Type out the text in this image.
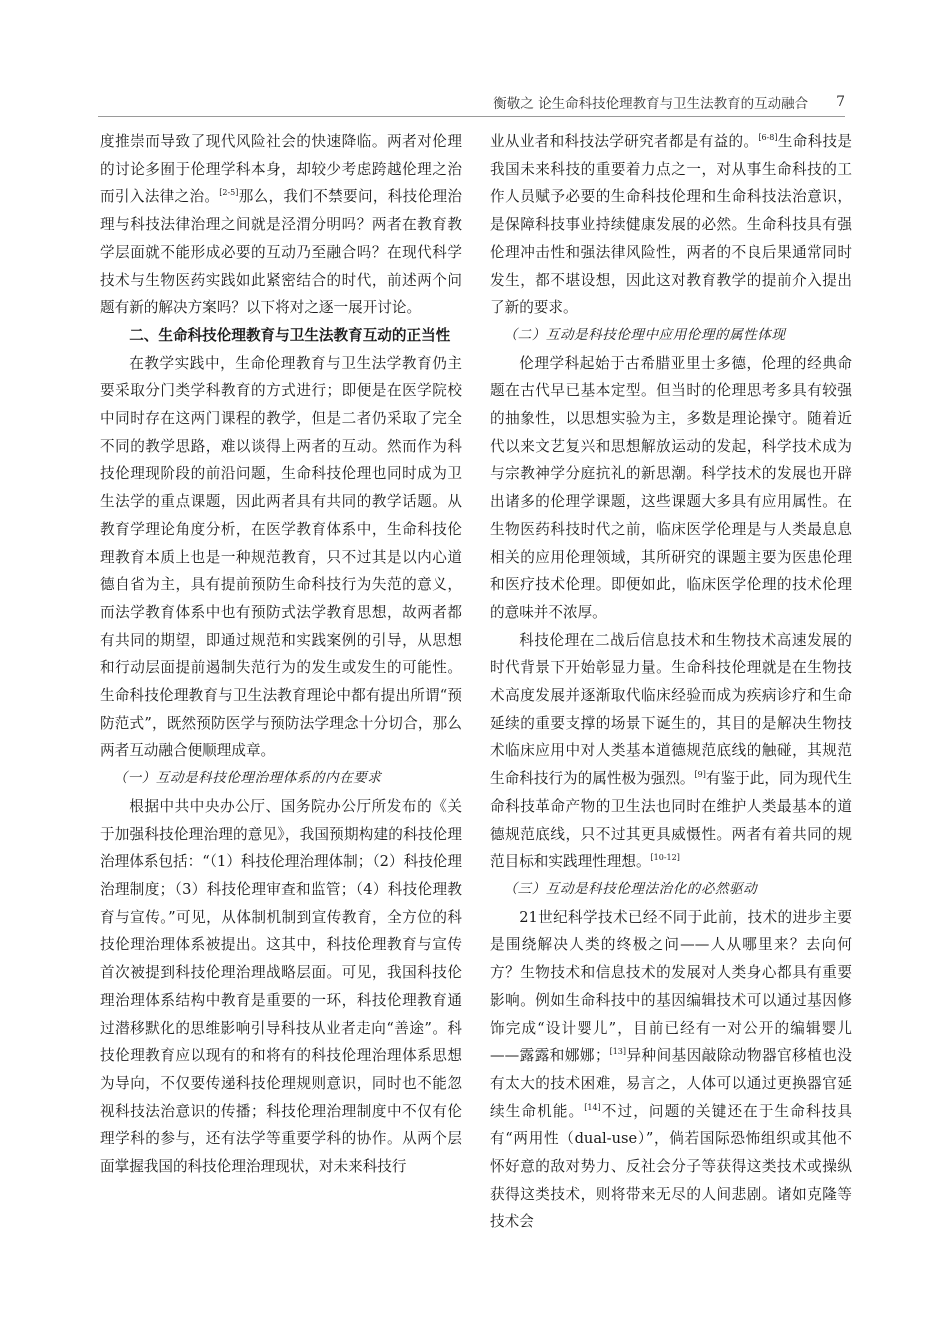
衡敬之 论生命科技伦理教育与卫生法教育的互动融合 7

度推崇而导致了现代风险社会的快速降临。两者对伦理的讨论多囿于伦理学科本身，却较少考虑跨越伦理之治而引入法律之治。[2-5]那么，我们不禁要问，科技伦理治理与科技法律治理之间就是泾渭分明吗？两者在教育教学层面就不能形成必要的互动乃至融合吗？在现代科学技术与生物医药实践如此紧密结合的时代，前述两个问题有新的解决方案吗？以下将对之逐一展开讨论。

二、生命科技伦理教育与卫生法教育互动的正当性

在教学实践中，生命伦理教育与卫生法学教育仍主要采取分门类学科教育的方式进行；即便是在医学院校中同时存在这两门课程的教学，但是二者仍采取了完全不同的教学思路，难以谈得上两者的互动。然而作为科技伦理现阶段的前沿问题，生命科技伦理也同时成为卫生法学的重点课题，因此两者具有共同的教学话题。从教育学理论角度分析，在医学教育体系中，生命科技伦理教育本质上也是一种规范教育，只不过其是以内心道德自省为主，具有提前预防生命科技行为失范的意义，而法学教育体系中也有预防式法学教育思想，故两者都有共同的期望，即通过规范和实践案例的引导，从思想和行动层面提前遏制失范行为的发生或发生的可能性。生命科技伦理教育与卫生法教育理论中都有提出所谓“预防范式”，既然预防医学与预防法学理念十分切合，那么两者互动融合便顺理成章。

（一）互动是科技伦理治理体系的内在要求

根据中共中央办公厅、国务院办公厅所发布的《关于加强科技伦理治理的意见》，我国预期构建的科技伦理治理体系包括：“（1）科技伦理治理体制；（2）科技伦理治理制度；（3）科技伦理审查和监管；（4）科技伦理教育与宣传。”可见，从体制机制到宣传教育，全方位的科技伦理治理体系被提出。这其中，科技伦理教育与宣传首次被提到科技伦理治理战略层面。可见，我国科技伦理治理体系结构中教育是重要的一环，科技伦理教育通过潜移默化的思维影响引导科技从业者走向“善途”。科技伦理教育应以现有的和将有的科技伦理治理体系思想为导向，不仅要传递科技伦理规则意识，同时也不能忽视科技法治意识的传播；科技伦理治理制度中不仅有伦理学科的参与，还有法学等重要学科的协作。从两个层面掌握我国的科技伦理治理现状，对未来科技行

业从业者和科技法学研究者都是有益的。[6-8]生命科技是我国未来科技的重要着力点之一，对从事生命科技的工作人员赋予必要的生命科技伦理和生命科技法治意识，是保障科技事业持续健康发展的必然。生命科技具有强伦理冲击性和强法律风险性，两者的不良后果通常同时发生，都不堪设想，因此这对教育教学的提前介入提出了新的要求。

（二）互动是科技伦理中应用伦理的属性体现

伦理学科起始于古希腊亚里士多德，伦理的经典命题在古代早已基本定型。但当时的伦理思考多具有较强的抽象性，以思想实验为主，多数是理论操守。随着近代以来文艺复兴和思想解放运动的发起，科学技术成为与宗教神学分庭抗礼的新思潮。科学技术的发展也开辟出诸多的伦理学课题，这些课题大多具有应用属性。在生物医药科技时代之前，临床医学伦理是与人类最息息相关的应用伦理领域，其所研究的课题主要为医患伦理和医疗技术伦理。即便如此，临床医学伦理的技术伦理的意味并不浓厚。

科技伦理在二战后信息技术和生物技术高速发展的时代背景下开始彰显力量。生命科技伦理就是在生物技术高度发展并逐渐取代临床经验而成为疾病诊疗和生命延续的重要支撑的场景下诞生的，其目的是解决生物技术临床应用中对人类基本道德规范底线的触碰，其规范生命科技行为的属性极为强烈。[9]有鉴于此，同为现代生命科技革命产物的卫生法也同时在维护人类最基本的道德规范底线，只不过其更具威慑性。两者有着共同的规范目标和实践理性理想。[10-12]

（三）互动是科技伦理法治化的必然驱动

21世纪科学技术已经不同于此前，技术的进步主要是围绕解决人类的终极之问——人从哪里来？去向何方？生物技术和信息技术的发展对人类身心都具有重要影响。例如生命科技中的基因编辑技术可以通过基因修饰完成“设计婴儿”，目前已经有一对公开的编辑婴儿——露露和娜娜；[13]异种间基因敲除动物器官移植也没有太大的技术困难，易言之，人体可以通过更换器官延续生命机能。[14]不过，问题的关键还在于生命科技具有“两用性（dual-use）”，倘若国际恐怖组织或其他不怀好意的敌对势力、反社会分子等获得这类技术或操纵获得这类技术，则将带来无尽的人间悲剧。诸如克隆等技术会
